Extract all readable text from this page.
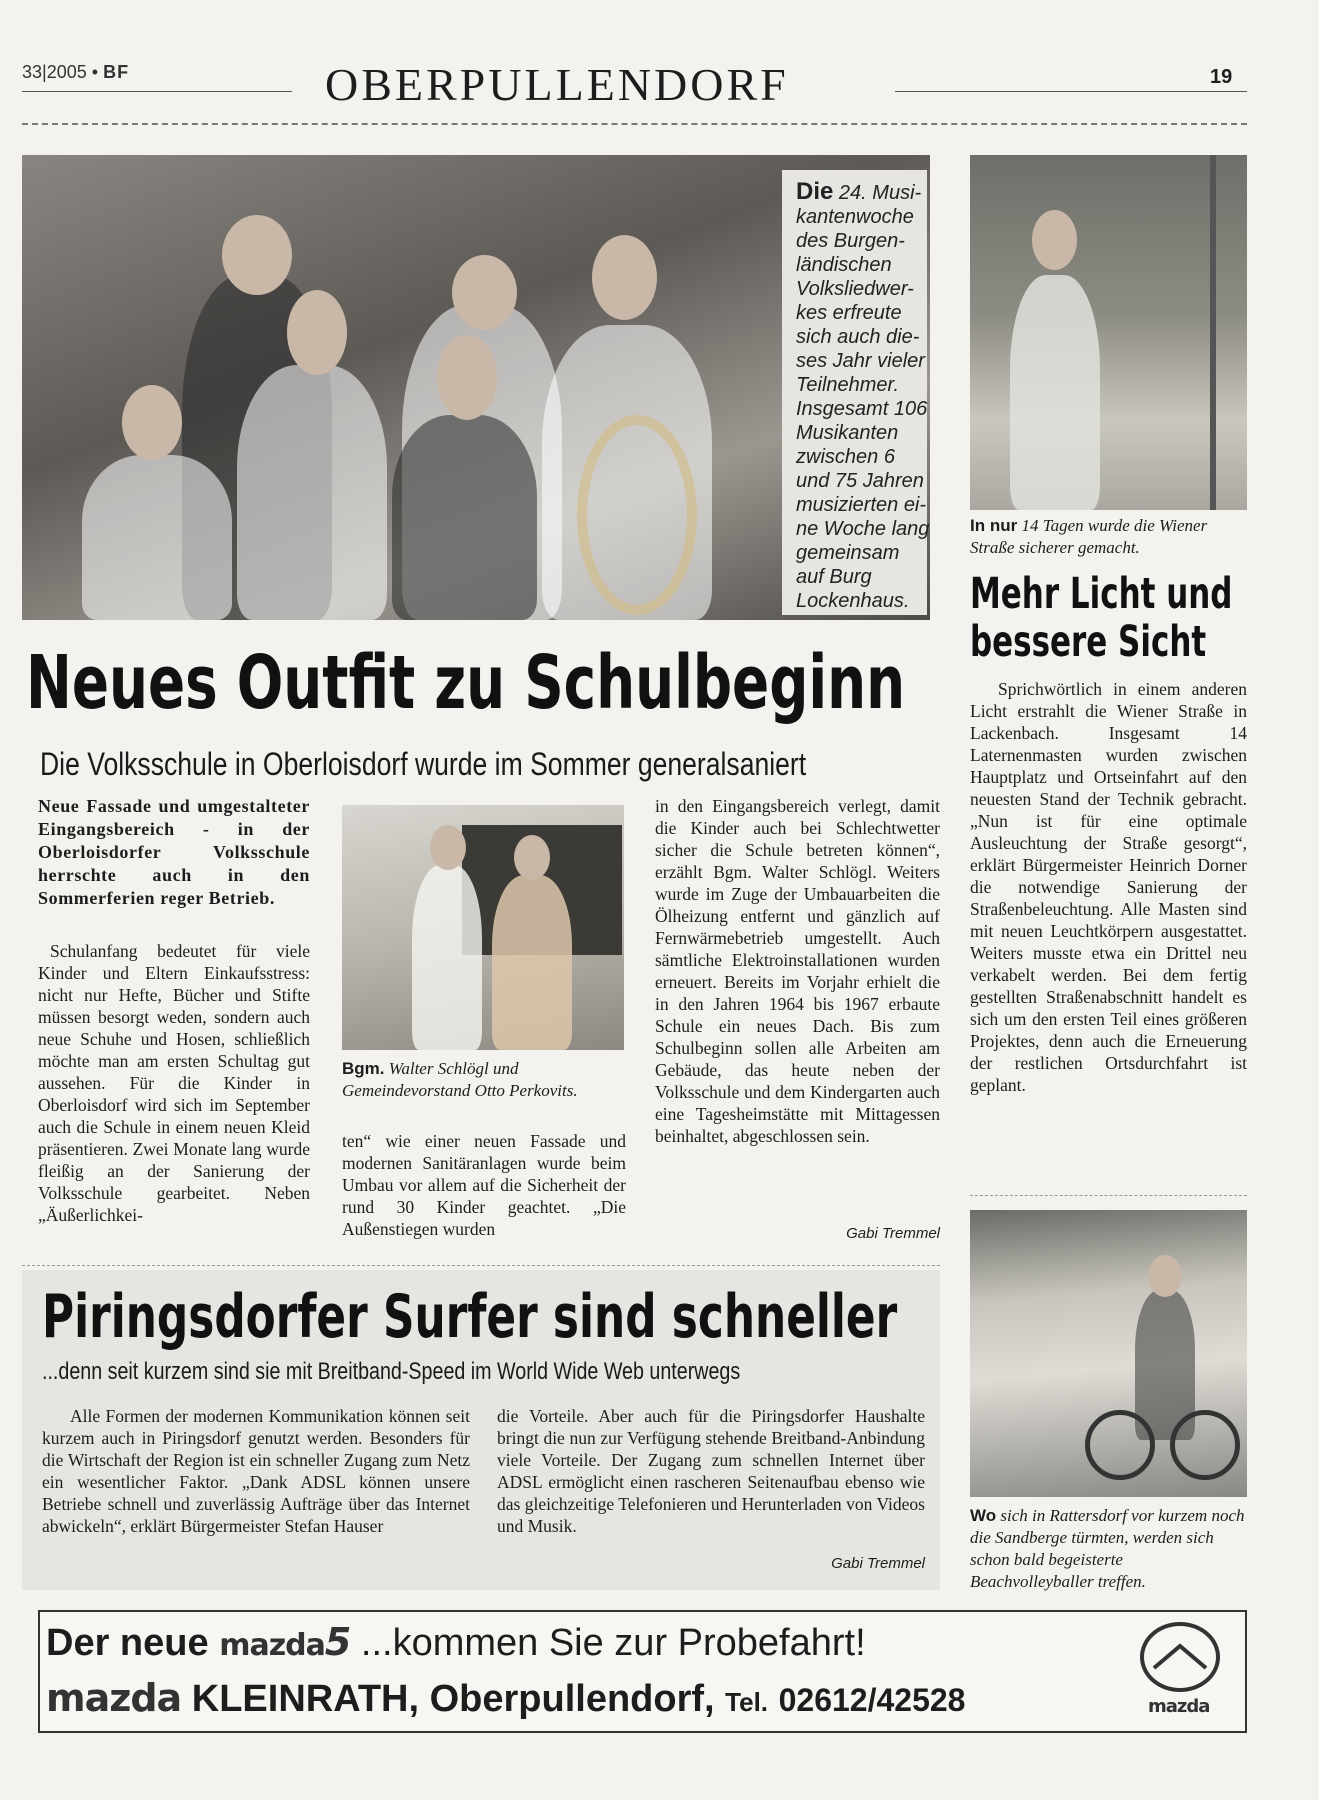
33|2005 • BF	OBERPULLENDORF	19
Die 24. Musi-
kantenwoche
des Burgen-
ländischen
Volksliedwer-
kes erfreute
sich auch die-
ses Jahr vieler
Teilnehmer.
Insgesamt 106
Musikanten
zwischen 6
und 75 Jahren
musizierten ei-
ne Woche lang
gemeinsam
auf Burg
Lockenhaus.
Neues Outfit zu Schulbeginn
Die Volksschule in Oberloisdorf wurde im Sommer generalsaniert
Neue Fassade und umgestalteter Eingangsbereich - in der Oberloisdorfer Volksschule herrschte auch in den Sommerferien reger Betrieb.
Schulanfang bedeutet für viele Kinder und Eltern Einkaufsstress: nicht nur Hefte, Bücher und Stifte müssen besorgt weden, sondern auch neue Schuhe und Hosen, schließlich möchte man am ersten Schultag gut aussehen. Für die Kinder in Oberloisdorf wird sich im September auch die Schule in einem neuen Kleid präsentieren. Zwei Monate lang wurde fleißig an der Sanierung der Volksschule gearbeitet. Neben „Äußerlichkei-
Bgm. Walter Schlögl und Gemeindevorstand Otto Perkovits.
ten“ wie einer neuen Fassade und modernen Sanitäranlagen wurde beim Umbau vor allem auf die Sicherheit der rund 30 Kinder geachtet. „Die Außenstiegen wurden
in den Eingangsbereich verlegt, damit die Kinder auch bei Schlechtwetter sicher die Schule betreten können“, erzählt Bgm. Walter Schlögl. Weiters wurde im Zuge der Umbauarbeiten die Ölheizung entfernt und gänzlich auf Fernwärmebetrieb umgestellt. Auch sämtliche Elektroinstallationen wurden erneuert. Bereits im Vorjahr erhielt die in den Jahren 1964 bis 1967 erbaute Schule ein neues Dach. Bis zum Schulbeginn sollen alle Arbeiten am Gebäude, das heute neben der Volksschule und dem Kindergarten auch eine Tagesheimstätte mit Mittagessen beinhaltet, abgeschlossen sein.
Gabi Tremmel
In nur 14 Tagen wurde die Wiener Straße sicherer gemacht.
Mehr Licht und
bessere Sicht
Sprichwörtlich in einem anderen Licht erstrahlt die Wiener Straße in Lackenbach. Insgesamt 14 Laternenmasten wurden zwischen Hauptplatz und Ortseinfahrt auf den neuesten Stand der Technik gebracht. „Nun ist für eine optimale Ausleuchtung der Straße gesorgt“, erklärt Bürgermeister Heinrich Dorner die notwendige Sanierung der Straßenbeleuchtung. Alle Masten sind mit neuen Leuchtkörpern ausgestattet. Weiters musste etwa ein Drittel neu verkabelt werden. Bei dem fertig gestellten Straßenabschnitt handelt es sich um den ersten Teil eines größeren Projektes, denn auch die Erneuerung der restlichen Ortsdurchfahrt ist geplant.
Piringsdorfer Surfer sind schneller
...denn seit kurzem sind sie mit Breitband-Speed im World Wide Web unterwegs
Alle Formen der modernen Kommunikation können seit kurzem auch in Piringsdorf genutzt werden. Besonders für die Wirtschaft der Region ist ein schneller Zugang zum Netz ein wesentlicher Faktor. „Dank ADSL können unsere Betriebe schnell und zuverlässig Aufträge über das Internet abwickeln“, erklärt Bürgermeister Stefan Hauser
die Vorteile. Aber auch für die Piringsdorfer Haushalte bringt die nun zur Verfügung stehende Breitband-Anbindung viele Vorteile. Der Zugang zum schnellen Internet über ADSL ermöglicht einen rascheren Seitenaufbau ebenso wie das gleichzeitige Telefonieren und Herunterladen von Videos und Musik.
Gabi Tremmel
Wo sich in Rattersdorf vor kurzem noch die Sandberge türmten, werden sich schon bald begeisterte Beachvolleyballer treffen.
Der neue mazda5 ...kommen Sie zur Probefahrt!
mazda KLEINRATH, Oberpullendorf, Tel. 02612/42528	mazda
